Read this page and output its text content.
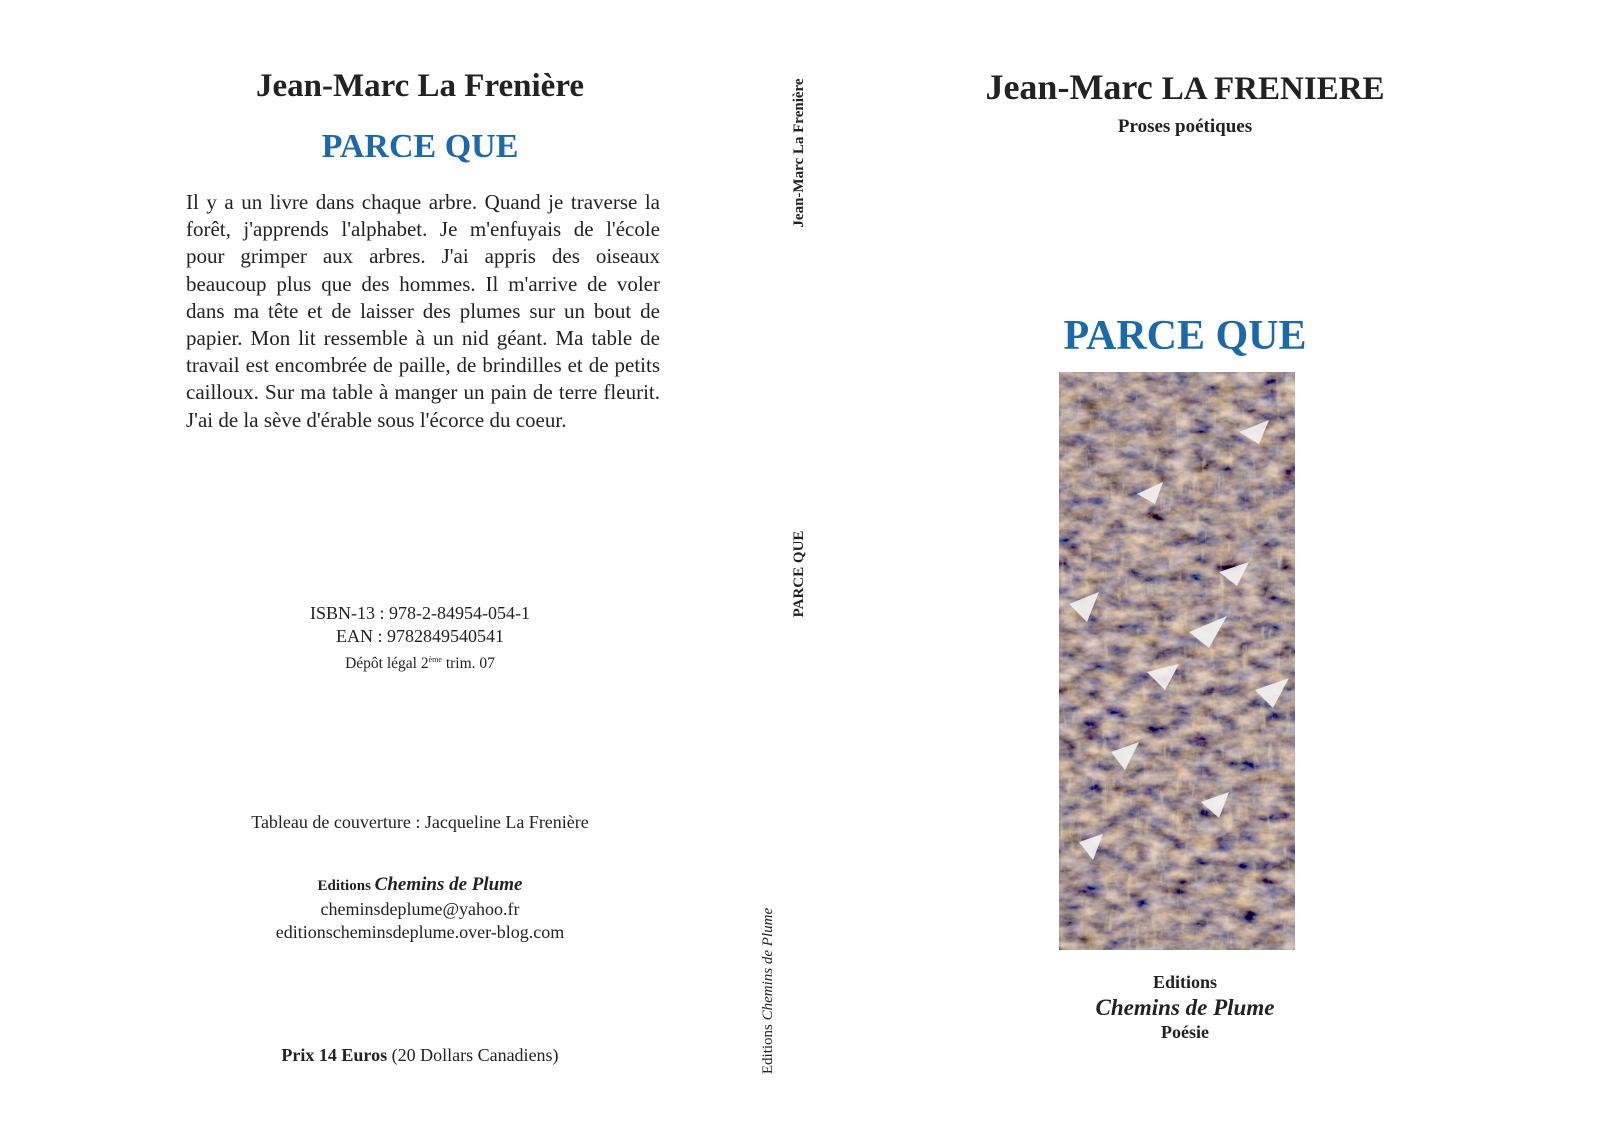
Jean-Marc La Frenière
PARCE QUE
Il y a un livre dans chaque arbre. Quand je traverse la forêt, j'apprends l'alphabet. Je m'enfuyais de l'école pour grimper aux arbres. J'ai appris des oiseaux beaucoup plus que des hommes. Il m'arrive de voler dans ma tête et de laisser des plumes sur un bout de papier. Mon lit ressemble à un nid géant. Ma table de travail est encombrée de paille, de brindilles et de petits cailloux. Sur ma table à manger un pain de terre fleurit. J'ai de la sève d'érable sous l'écorce du coeur.
ISBN-13 : 978-2-84954-054-1
EAN : 9782849540541
Dépôt légal 2ème trim. 07
Tableau de couverture : Jacqueline La Frenière
Editions Chemins de Plume
cheminsdeplume@yahoo.fr
editionscheminsdeplume.over-blog.com
Prix 14 Euros (20 Dollars Canadiens)
Jean-Marc La Frenière
PARCE QUE
Editions Chemins de Plume
Jean-Marc LA FRENIERE
Proses poétiques
PARCE QUE
Editions
Chemins de Plume
Poésie
